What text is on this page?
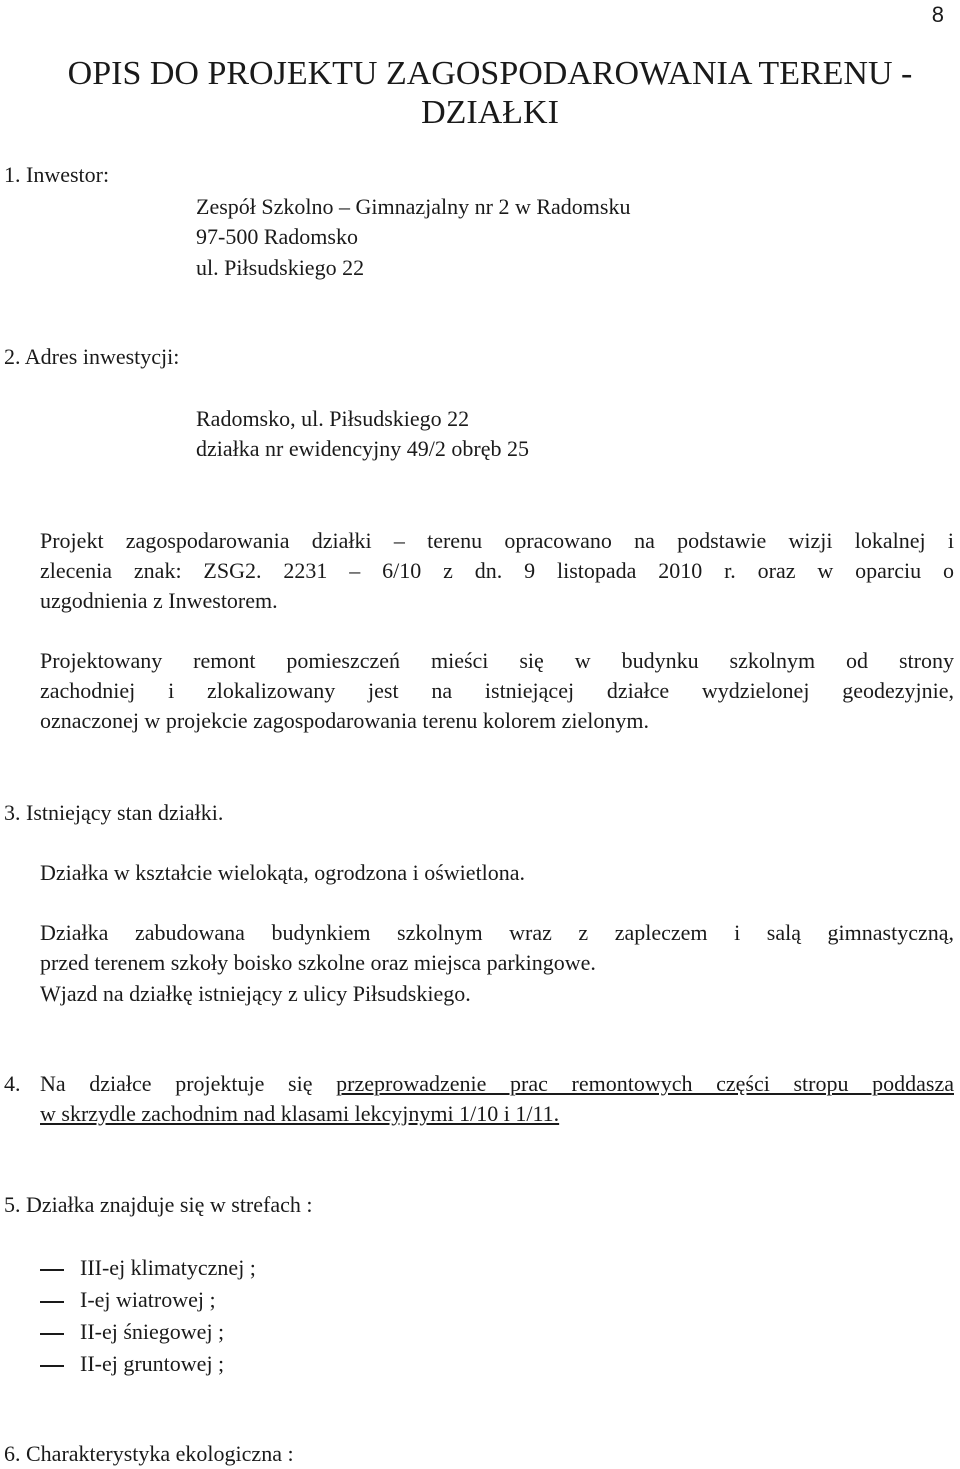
8
OPIS DO PROJEKTU ZAGOSPODAROWANIA TERENU -
DZIAŁKI
1. Inwestor:
Zespół Szkolno – Gimnazjalny nr 2 w Radomsku
97-500 Radomsko
ul. Piłsudskiego 22
2. Adres inwestycji:
Radomsko, ul. Piłsudskiego 22
działka nr ewidencyjny 49/2 obręb 25
Projekt zagospodarowania działki – terenu opracowano na podstawie wizji lokalnej i
zlecenia znak: ZSG2. 2231 – 6/10 z dn. 9 listopada 2010 r. oraz w oparciu o
uzgodnienia z Inwestorem.
Projektowany remont pomieszczeń mieści się w budynku szkolnym od strony
zachodniej i zlokalizowany jest na istniejącej działce wydzielonej geodezyjnie,
oznaczonej w projekcie zagospodarowania terenu kolorem zielonym.
3. Istniejący stan działki.
Działka w kształcie wielokąta, ogrodzona i oświetlona.
Działka zabudowana budynkiem szkolnym wraz z zapleczem i salą gimnastyczną,
przed terenem szkoły boisko szkolne oraz miejsca parkingowe.
Wjazd na działkę istniejący z ulicy Piłsudskiego.
4. Na działce projektuje się przeprowadzenie prac remontowych części stropu poddasza
w skrzydle zachodnim nad klasami lekcyjnymi 1/10 i 1/11.
5. Działka znajduje się w strefach :
III-ej klimatycznej ;
I-ej wiatrowej ;
II-ej śniegowej ;
II-ej gruntowej ;
6. Charakterystyka ekologiczna :
